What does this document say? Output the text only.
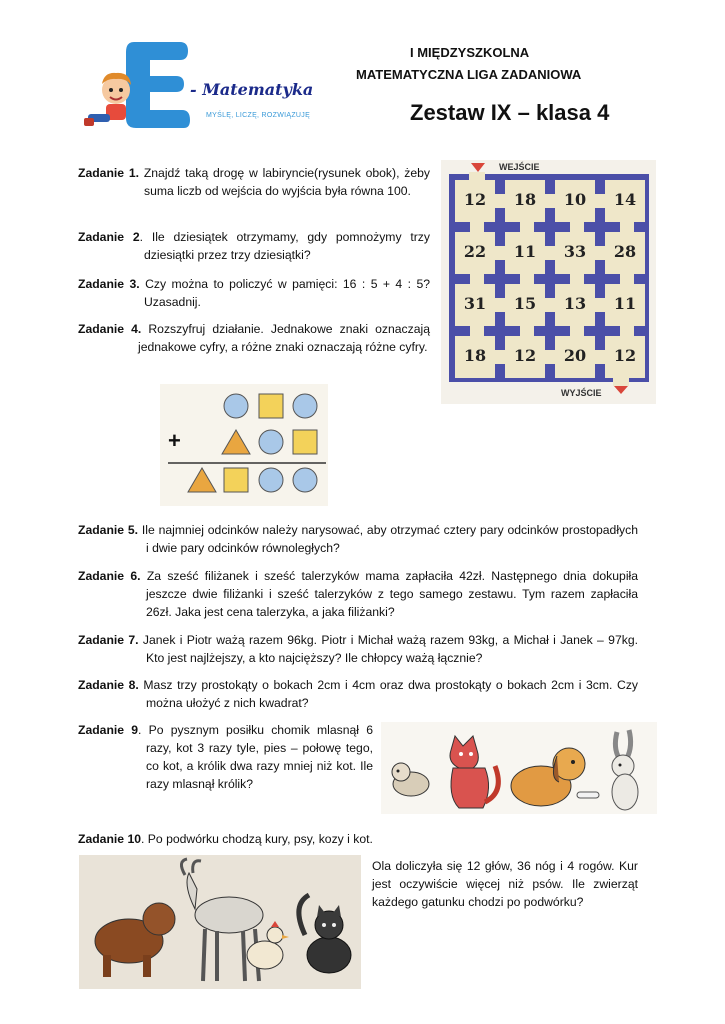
- Matematyka
MYŚLĘ, LICZĘ, ROZWIĄZUJĘ
I MIĘDZYSZKOLNA
MATEMATYCZNA LIGA ZADANIOWA
Zestaw IX – klasa 4
Zadanie 1. Znajdź taką drogę w labiryncie(rysunek obok), żeby suma liczb od wejścia do wyjścia była równa 100.
Zadanie 2. Ile dziesiątek otrzymamy, gdy pomnożymy trzy dziesiątki przez trzy dziesiątki?
Zadanie 3. Czy można to policzyć w pamięci: 16 : 5 + 4 : 5? Uzasadnij.
Zadanie 4. Rozszyfruj działanie. Jednakowe znaki oznaczają jednakowe cyfry, a różne znaki oznaczają różne cyfry.
WEJŚCIE
WYJŚCIE
12	18	10	14
22	11	33	28
31	15	13	11
18	12	20	12
+
Zadanie 5. Ile najmniej odcinków należy narysować, aby otrzymać cztery pary odcinków prostopadłych i dwie pary odcinków równoległych?
Zadanie 6. Za sześć filiżanek i sześć talerzyków mama zapłaciła 42zł. Następnego dnia dokupiła jeszcze dwie filiżanki i sześć talerzyków z tego samego zestawu. Tym razem zapłaciła 26zł. Jaka jest cena talerzyka, a jaka filiżanki?
Zadanie 7. Janek i Piotr ważą razem 96kg. Piotr i Michał ważą razem 93kg, a Michał i Janek – 97kg. Kto jest najlżejszy, a kto najcięższy? Ile chłopcy ważą łącznie?
Zadanie 8. Masz trzy prostokąty o bokach 2cm i 4cm oraz dwa prostokąty o bokach 2cm i 3cm. Czy można ułożyć z nich kwadrat?
Zadanie 9. Po pysznym posiłku chomik mlasnął 6 razy, kot 3 razy tyle, pies – połowę tego, co kot, a królik dwa razy mniej niż kot. Ile razy mlasnął królik?
Zadanie 10. Po podwórku chodzą kury, psy, kozy i kot.
Ola doliczyła się 12 głów, 36 nóg i 4 rogów. Kur jest oczywiście więcej niż psów. Ile zwierząt każdego gatunku chodzi po podwórku?
